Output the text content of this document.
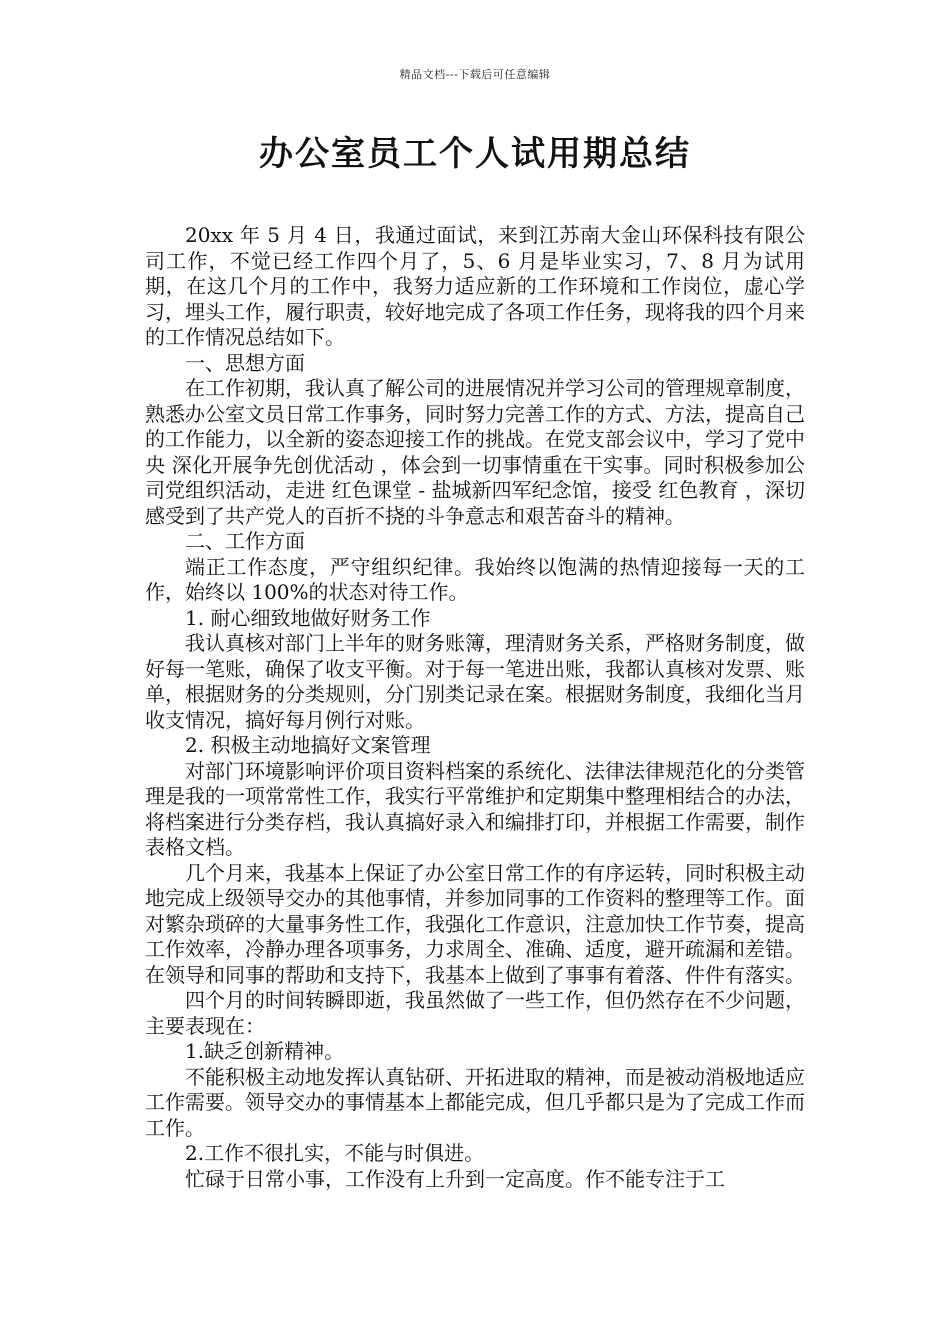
精品文档---下载后可任意编辑
办公室员工个人试用期总结

20xx 年 5 月 4 日，我通过面试，来到江苏南大金山环保科技有限公司工作，不觉已经工作四个月了，5、6 月是毕业实习，7、8 月为试用期，在这几个月的工作中，我努力适应新的工作环境和工作岗位，虚心学习，埋头工作，履行职责，较好地完成了各项工作任务，现将我的四个月来的工作情况总结如下。

一、思想方面

在工作初期，我认真了解公司的进展情况并学习公司的管理规章制度，熟悉办公室文员日常工作事务，同时努力完善工作的方式、方法，提高自己的工作能力，以全新的姿态迎接工作的挑战。在党支部会议中，学习了党中央 深化开展争先创优活动 ，体会到一切事情重在干实事。同时积极参加公司党组织活动，走进 红色课堂 - 盐城新四军纪念馆，接受 红色教育 ，深切感受到了共产党人的百折不挠的斗争意志和艰苦奋斗的精神。

二、工作方面

端正工作态度，严守组织纪律。我始终以饱满的热情迎接每一天的工作，始终以 100%的状态对待工作。

1. 耐心细致地做好财务工作

我认真核对部门上半年的财务账簿，理清财务关系，严格财务制度，做好每一笔账，确保了收支平衡。对于每一笔进出账，我都认真核对发票、账单，根据财务的分类规则，分门别类记录在案。根据财务制度，我细化当月收支情况，搞好每月例行对账。

2. 积极主动地搞好文案管理

对部门环境影响评价项目资料档案的系统化、法律法律规范化的分类管理是我的一项常常性工作，我实行平常维护和定期集中整理相结合的办法，将档案进行分类存档，我认真搞好录入和编排打印，并根据工作需要，制作表格文档。

几个月来，我基本上保证了办公室日常工作的有序运转，同时积极主动地完成上级领导交办的其他事情，并参加同事的工作资料的整理等工作。面对繁杂琐碎的大量事务性工作，我强化工作意识，注意加快工作节奏，提高工作效率，冷静办理各项事务，力求周全、准确、适度，避开疏漏和差错。在领导和同事的帮助和支持下，我基本上做到了事事有着落、件件有落实。

四个月的时间转瞬即逝，我虽然做了一些工作，但仍然存在不少问题，主要表现在：

1.缺乏创新精神。

不能积极主动地发挥认真钻研、开拓进取的精神，而是被动消极地适应工作需要。领导交办的事情基本上都能完成，但几乎都只是为了完成工作而工作。

2.工作不很扎实，不能与时俱进。

忙碌于日常小事，工作没有上升到一定高度。作不能专注于工
